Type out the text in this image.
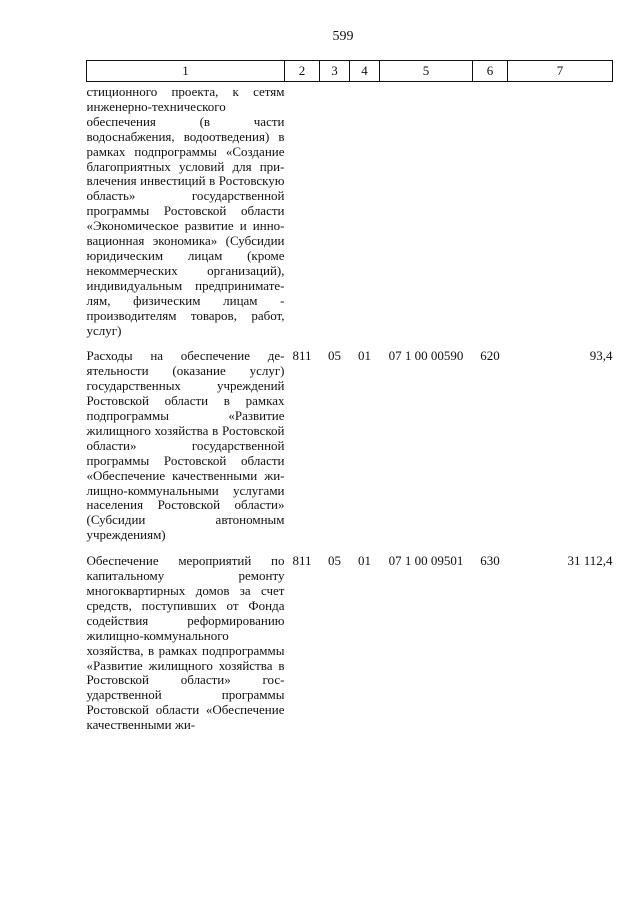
599
1	2	3	4	5	6	7
стиционного проекта, к сетям инженерно-технического обеспечения (в части водоснабжения, водоотведения) в рамках подпрограммы «Создание благоприятных условий для привлечения инвестиций в Ростовскую область» государственной программы Ростовской области «Экономическое развитие и инновационная экономика» (Субсидии юридическим лицам (кроме некоммерческих организаций), индивидуальным предпринимателям, физическим лицам - производителям товаров, работ, услуг)						
Расходы на обеспечение деятельности (оказание услуг) государственных учреждений Ростовской области в рамках подпрограммы «Развитие жилищного хозяйства в Ростовской области» государственной программы Ростовской области «Обеспечение качественными жилищно-коммунальными услугами населения Ростовской области» (Субсидии автономным учреждениям)	811	05	01	07 1 00 00590	620	93,4
Обеспечение мероприятий по капитальному ремонту многоквартирных домов за счет средств, поступивших от Фонда содействия реформированию жилищно-коммунального хозяйства, в рамках подпрограммы «Развитие жилищного хозяйства в Ростовской области» государственной программы Ростовской области «Обеспечение качественными жи-	811	05	01	07 1 00 09501	630	31 112,4
